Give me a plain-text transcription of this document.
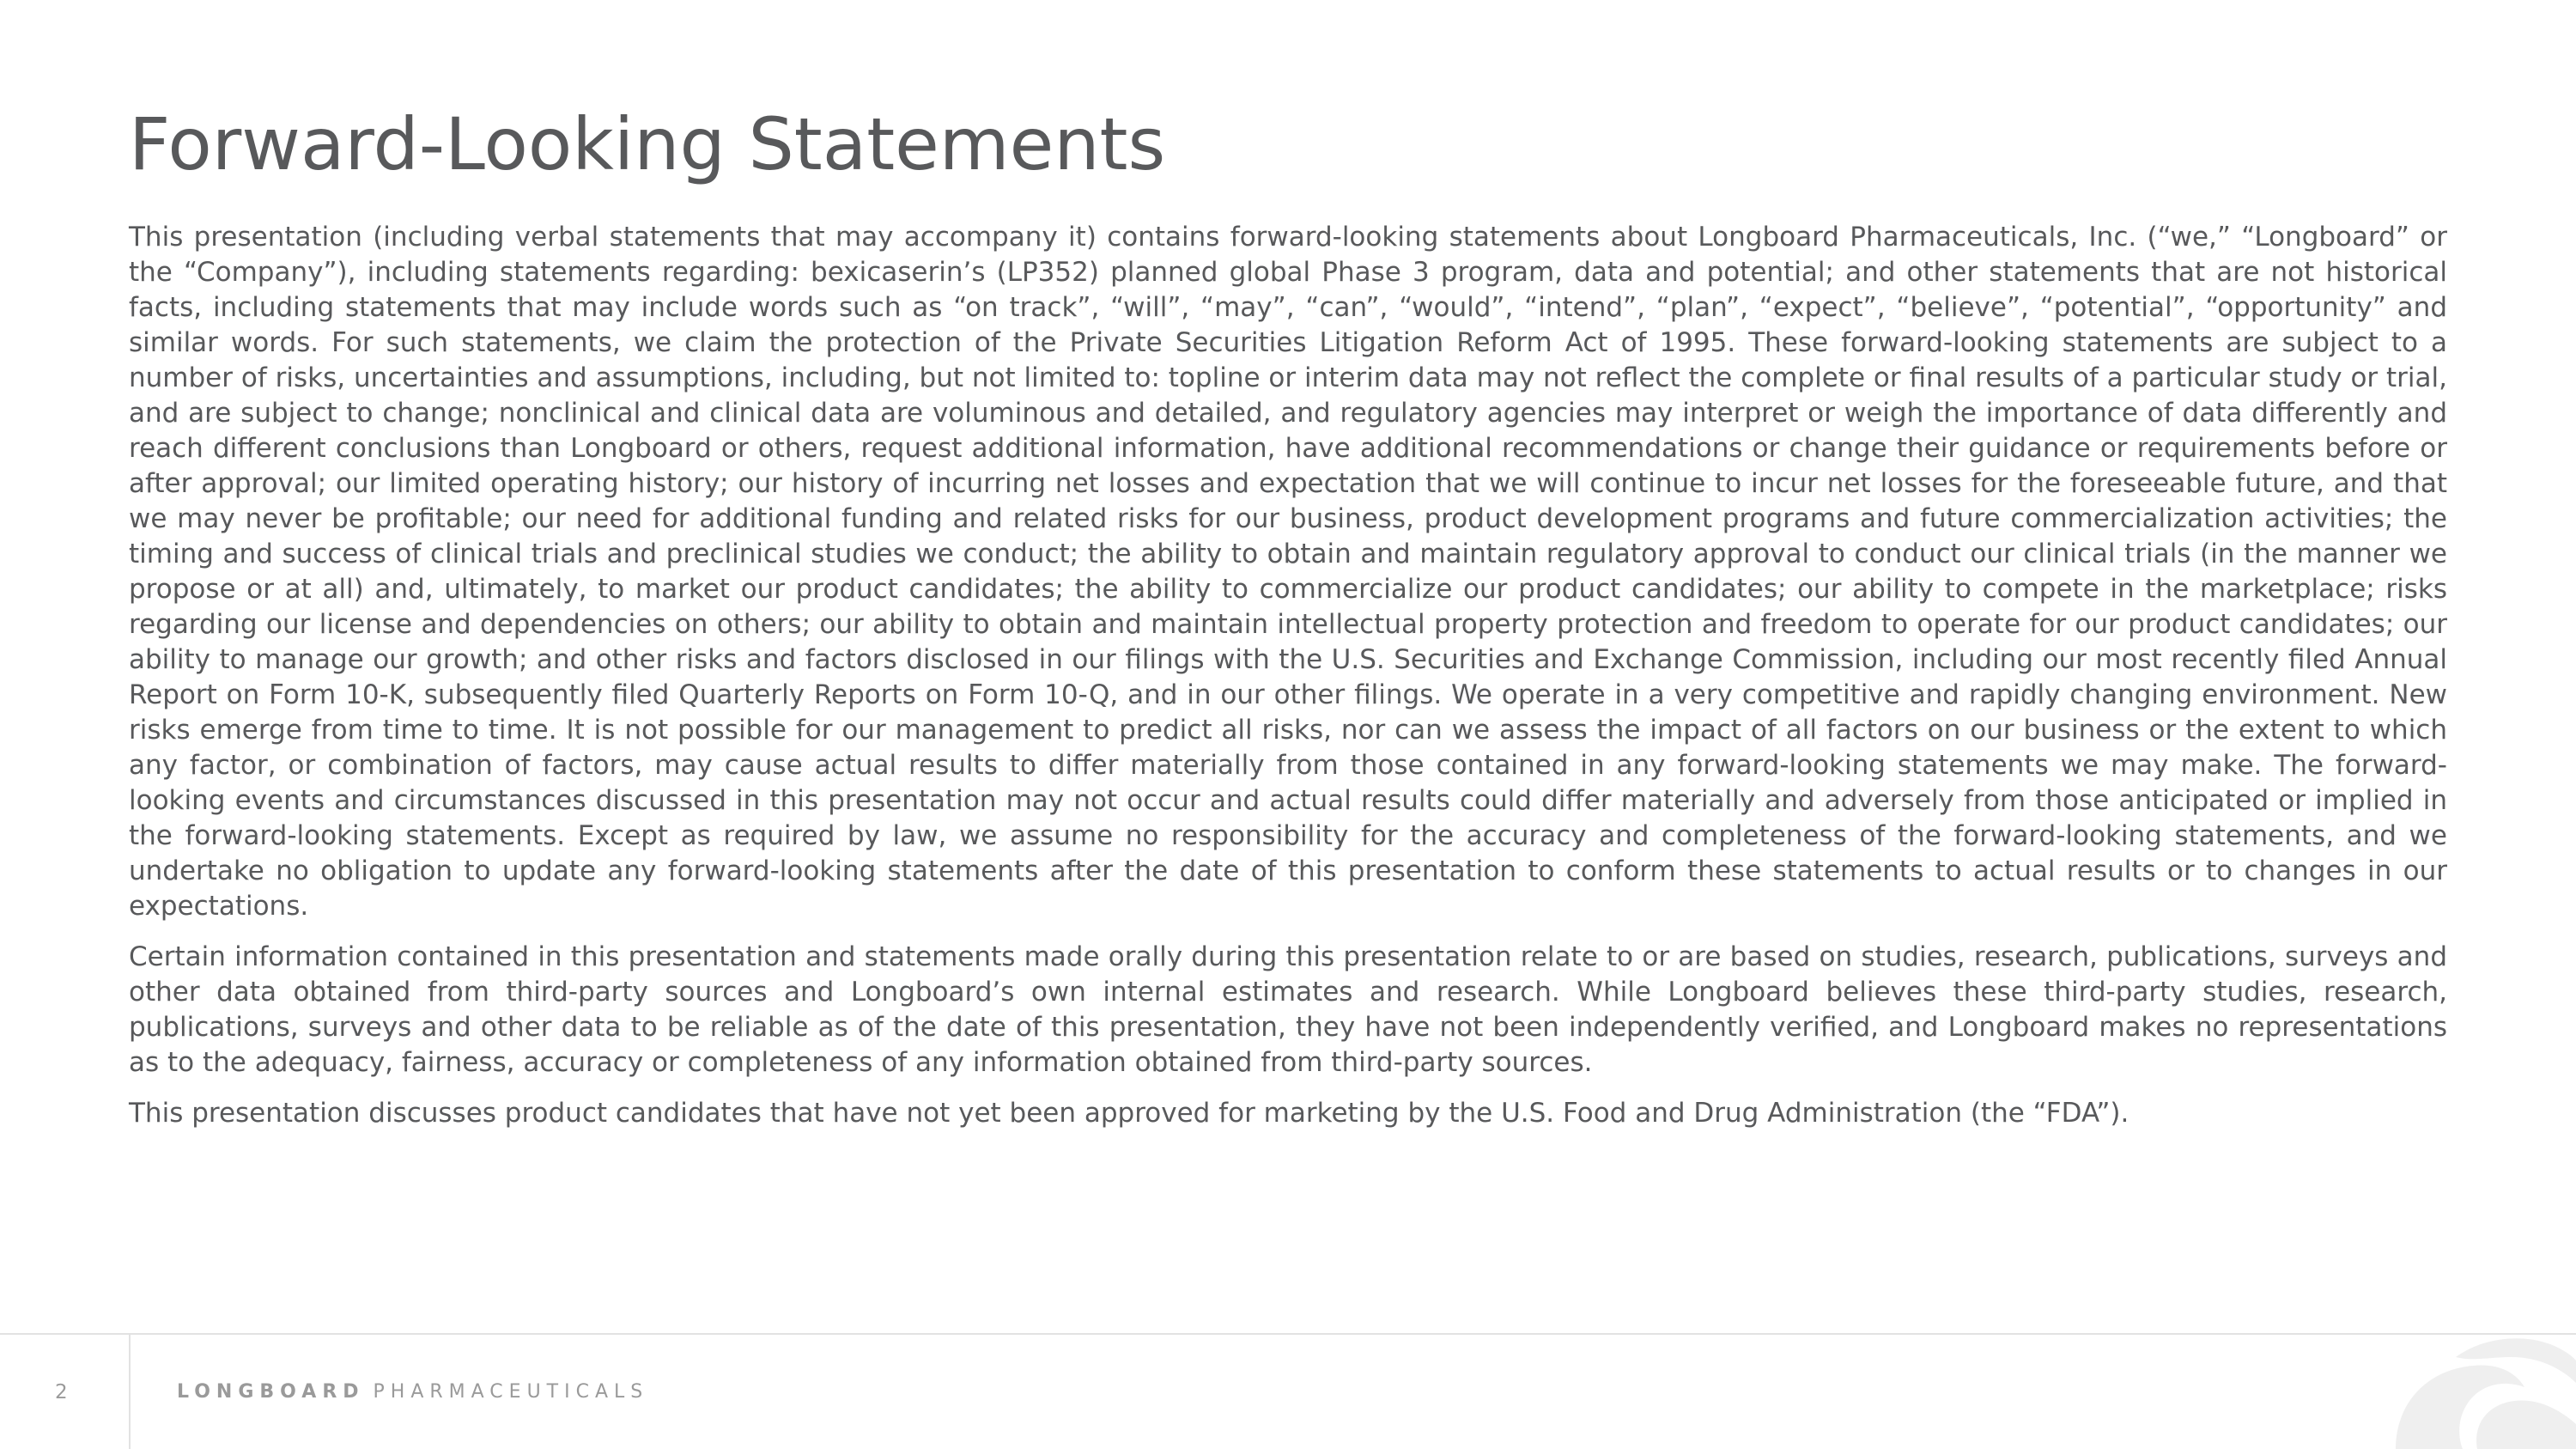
Forward-Looking Statements

This presentation (including verbal statements that may accompany it) contains forward-looking statements about Longboard Pharmaceuticals, Inc. (“we,” “Longboard” or the “Company”), including statements regarding: bexicaserin’s (LP352) planned global Phase 3 program, data and potential; and other statements that are not historical facts, including statements that may include words such as “on track”, “will”, “may”, “can”, “would”, “intend”, “plan”, “expect”, “believe”, “potential”, “opportunity” and similar words. For such statements, we claim the protection of the Private Securities Litigation Reform Act of 1995. These forward-looking statements are subject to a number of risks, uncertainties and assumptions, including, but not limited to: topline or interim data may not reflect the complete or final results of a particular study or trial, and are subject to change; nonclinical and clinical data are voluminous and detailed, and regulatory agencies may interpret or weigh the importance of data differently and reach different conclusions than Longboard or others, request additional information, have additional recommendations or change their guidance or requirements before or after approval; our limited operating history; our history of incurring net losses and expectation that we will continue to incur net losses for the foreseeable future, and that we may never be profitable; our need for additional funding and related risks for our business, product development programs and future commercialization activities; the timing and success of clinical trials and preclinical studies we conduct; the ability to obtain and maintain regulatory approval to conduct our clinical trials (in the manner we propose or at all) and, ultimately, to market our product candidates; the ability to commercialize our product candidates; our ability to compete in the marketplace; risks regarding our license and dependencies on others; our ability to obtain and maintain intellectual property protection and freedom to operate for our product candidates; our ability to manage our growth; and other risks and factors disclosed in our filings with the U.S. Securities and Exchange Commission, including our most recently filed Annual Report on Form 10-K, subsequently filed Quarterly Reports on Form 10-Q, and in our other filings. We operate in a very competitive and rapidly changing environment. New risks emerge from time to time. It is not possible for our management to predict all risks, nor can we assess the impact of all factors on our business or the extent to which any factor, or combination of factors, may cause actual results to differ materially from those contained in any forward-looking statements we may make. The forward-looking events and circumstances discussed in this presentation may not occur and actual results could differ materially and adversely from those anticipated or implied in the forward-looking statements. Except as required by law, we assume no responsibility for the accuracy and completeness of the forward-looking statements, and we undertake no obligation to update any forward-looking statements after the date of this presentation to conform these statements to actual results or to changes in our expectations.

Certain information contained in this presentation and statements made orally during this presentation relate to or are based on studies, research, publications, surveys and other data obtained from third-party sources and Longboard’s own internal estimates and research. While Longboard believes these third-party studies, research, publications, surveys and other data to be reliable as of the date of this presentation, they have not been independently verified, and Longboard makes no representations as to the adequacy, fairness, accuracy or completeness of any information obtained from third-party sources.

This presentation discusses product candidates that have not yet been approved for marketing by the U.S. Food and Drug Administration (the “FDA”).

2	LONGBOARD PHARMACEUTICALS
